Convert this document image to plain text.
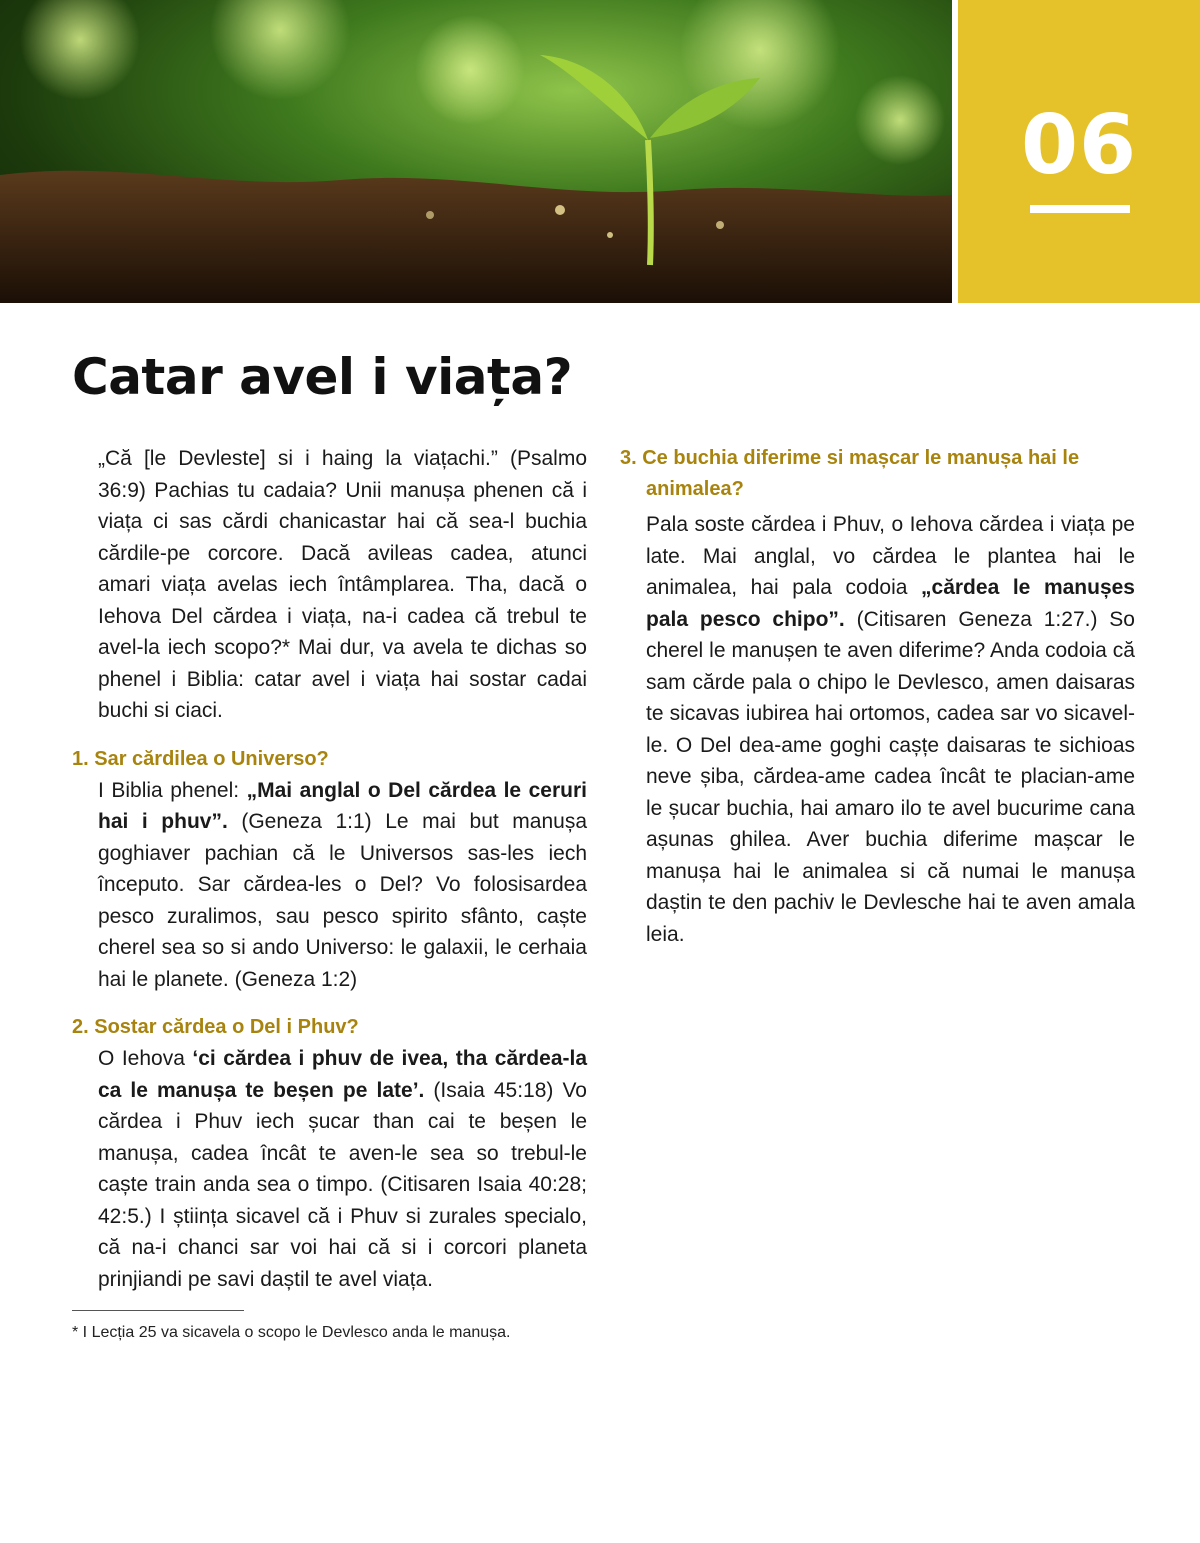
06
Catar avel i viața?

„Că [le Devleste] si i haing la viațachi.” (Psalmo 36:9) Pachias tu cadaia? Unii manușa phenen că i viața ci sas cărdi chanicastar hai că sea-l buchia cărdile-pe corcore. Dacă avileas cadea, atunci amari viața avelas iech întâmplarea. Tha, dacă o Iehova Del cărdea i viața, na-i cadea că trebul te avel-la iech scopo?* Mai dur, va avela te dichas so phenel i Biblia: catar avel i viața hai sostar cadai buchi si ciaci.

1. Sar cărdilea o Universo?

I Biblia phenel: „Mai anglal o Del cărdea le ceruri hai i phuv”. (Geneza 1:1) Le mai but manușa goghiaver pachian că le Universos sas-les iech începuto. Sar cărdea-les o Del? Vo folosisardea pesco zuralimos, sau pesco spirito sfânto, caște cherel sea so si ando Universo: le galaxii, le cerhaia hai le planete. (Geneza 1:2)

2. Sostar cărdea o Del i Phuv?

O Iehova ‘ci cărdea i phuv de ivea, tha cărdea-la ca le manușa te beșen pe late’. (Isaia 45:18) Vo cărdea i Phuv iech șucar than cai te beșen le manușa, cadea încât te aven-le sea so trebul-le caște train anda sea o timpo. (Citisaren Isaia 40:28; 42:5.) I știința sicavel că i Phuv si zurales specialo, că na-i chanci sar voi hai că si i corcori planeta prinjiandi pe savi daștil te avel viața.

3. Ce buchia diferime si mașcar le manușa hai le animalea?

Pala soste cărdea i Phuv, o Iehova cărdea i viața pe late. Mai anglal, vo cărdea le plantea hai le animalea, hai pala codoia „cărdea le manușes pala pesco chipo”. (Citisaren Geneza 1:27.) So cherel le manușen te aven diferime? Anda codoia că sam cărde pala o chipo le Devlesco, amen daisaras te sicavas iubirea hai ortomos, cadea sar vo sicavel-le. O Del dea-ame goghi cașțe daisaras te sichioas neve șiba, cărdea-ame cadea încât te placian-ame le șucar buchia, hai amaro ilo te avel bucurime cana așunas ghilea. Aver buchia diferime mașcar le manușa hai le animalea si că numai le manușa daștin te den pachiv le Devlesche hai te aven amala leia.

* I Lecția 25 va sicavela o scopo le Devlesco anda le manușa.
